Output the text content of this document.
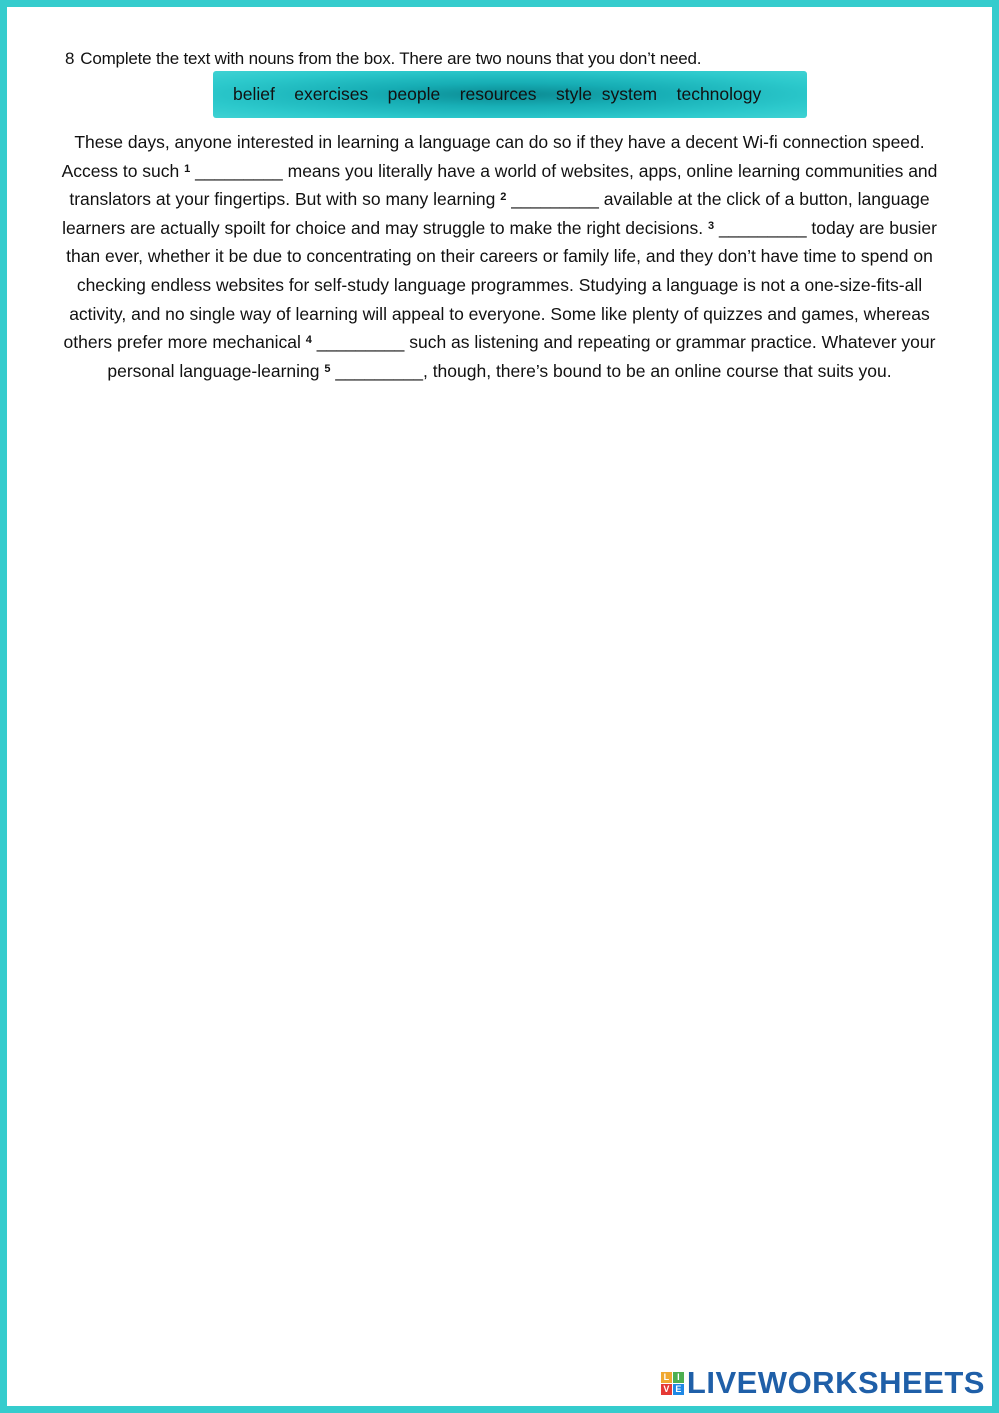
8 Complete the text with nouns from the box. There are two nouns that you don’t need.
belief
exercises
people
resources
style
system
technology
These days, anyone interested in learning a language can do so if they have a decent Wi-fi connection speed. Access to such $^1$ _________ means you literally have a world of websites, apps, online learning communities and translators at your fingertips. But with so many learning $^2$ _________ available at the click of a button, language learners are actually spoilt for choice and may struggle to make the right decisions. $^3$ _________ today are busier than ever, whether it be due to concentrating on their careers or family life, and they don’t have time to spend on checking endless websites for self-study language programmes. Studying a language is not a one-size-fits-all activity, and no single way of learning will appeal to everyone. Some like plenty of quizzes and games, whereas others prefer more mechanical $^4$ _________ such as listening and repeating or grammar practice. Whatever your personal language-learning $^5$ _________, though, there’s bound to be an online course that suits you.
L I
V E LIVEWORKSHEETS
